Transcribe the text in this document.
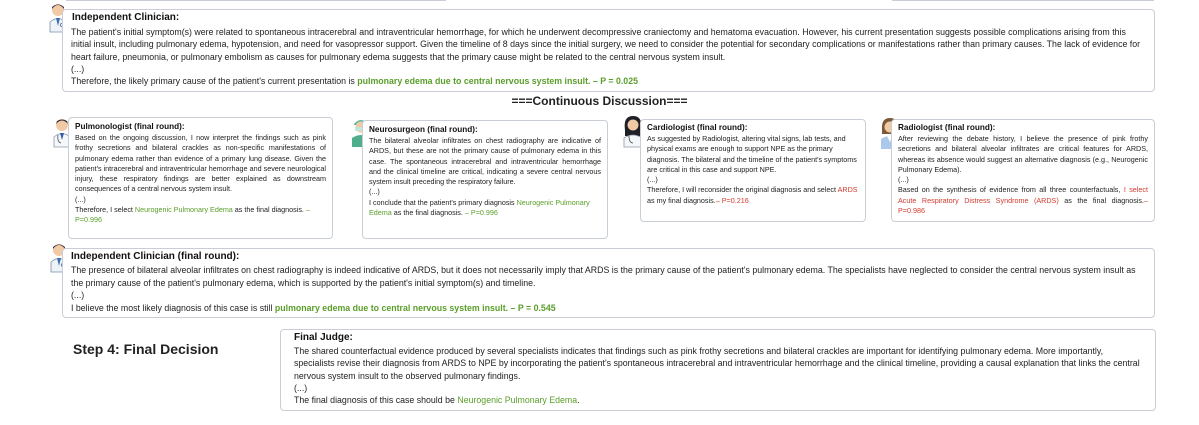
Independent Clinician:

The patient's initial symptom(s) were related to spontaneous intracerebral and intraventricular hemorrhage, for which he underwent decompressive craniectomy and hematoma evacuation. However, his current presentation suggests possible complications arising from this initial insult, including pulmonary edema, hypotension, and need for vasopressor support. Given the timeline of 8 days since the initial surgery, we need to consider the potential for secondary complications or manifestations rather than primary causes. The lack of evidence for heart failure, pneumonia, or pulmonary embolism as causes for pulmonary edema suggests that the primary cause might be related to the central nervous system insult.

(...)

Therefore, the likely primary cause of the patient's current presentation is pulmonary edema due to central nervous system insult. – P = 0.025

===Continuous Discussion===
Pulmonologist (final round):

Based on the ongoing discussion, I now interpret the findings such as pink frothy secretions and bilateral crackles as non-specific manifestations of pulmonary edema rather than evidence of a primary lung disease. Given the patient's intracerebral and intraventricular hemorrhage and severe neurological injury, these respiratory findings are better explained as downstream consequences of a central nervous system insult.

(...)

Therefore, I select Neurogenic Pulmonary Edema as the final diagnosis. – P=0.996

Neurosurgeon (final round):

The bilateral alveolar infiltrates on chest radiography are indicative of ARDS, but these are not the primary cause of pulmonary edema in this case. The spontaneous intracerebral and intraventricular hemorrhage and the clinical timeline are critical, indicating a severe central nervous system insult preceding the respiratory failure.

(...)

I conclude that the patient's primary diagnosis Neurogenic Pulmonary Edema as the final diagnosis. – P=0.996

Cardiologist (final round):

As suggested by Radiologist, altering vital signs, lab tests, and physical exams are enough to support NPE as the primary diagnosis. The bilateral and the timeline of the patient's symptoms are critical in this case and support NPE.

(...)

Therefore, I will reconsider the original diagnosis and select ARDS as my final diagnosis.– P=0.216

Radiologist (final round):

After reviewing the debate history, I believe the presence of pink frothy secretions and bilateral alveolar infiltrates are critical features for ARDS, whereas its absence would suggest an alternative diagnosis (e.g., Neurogenic Pulmonary Edema).

(...)

Based on the synthesis of evidence from all three counterfactuals, I select Acute Respiratory Distress Syndrome (ARDS) as the final diagnosis.– P=0.986

Independent Clinician (final round):

The presence of bilateral alveolar infiltrates on chest radiography is indeed indicative of ARDS, but it does not necessarily imply that ARDS is the primary cause of the patient's pulmonary edema. The specialists have neglected to consider the central nervous system insult as the primary cause of the patient's pulmonary edema, which is supported by the patient's initial symptom(s) and timeline.

(...)

I believe the most likely diagnosis of this case is still pulmonary edema due to central nervous system insult. – P = 0.545

Step 4: Final Decision
Final Judge:

The shared counterfactual evidence produced by several specialists indicates that findings such as pink frothy secretions and bilateral crackles are important for identifying pulmonary edema. More importantly, specialists revise their diagnosis from ARDS to NPE by incorporating the patient's spontaneous intracerebral and intraventricular hemorrhage and the clinical timeline, providing a causal explanation that links the central nervous system insult to the observed pulmonary findings.

(...)

The final diagnosis of this case should be Neurogenic Pulmonary Edema.
